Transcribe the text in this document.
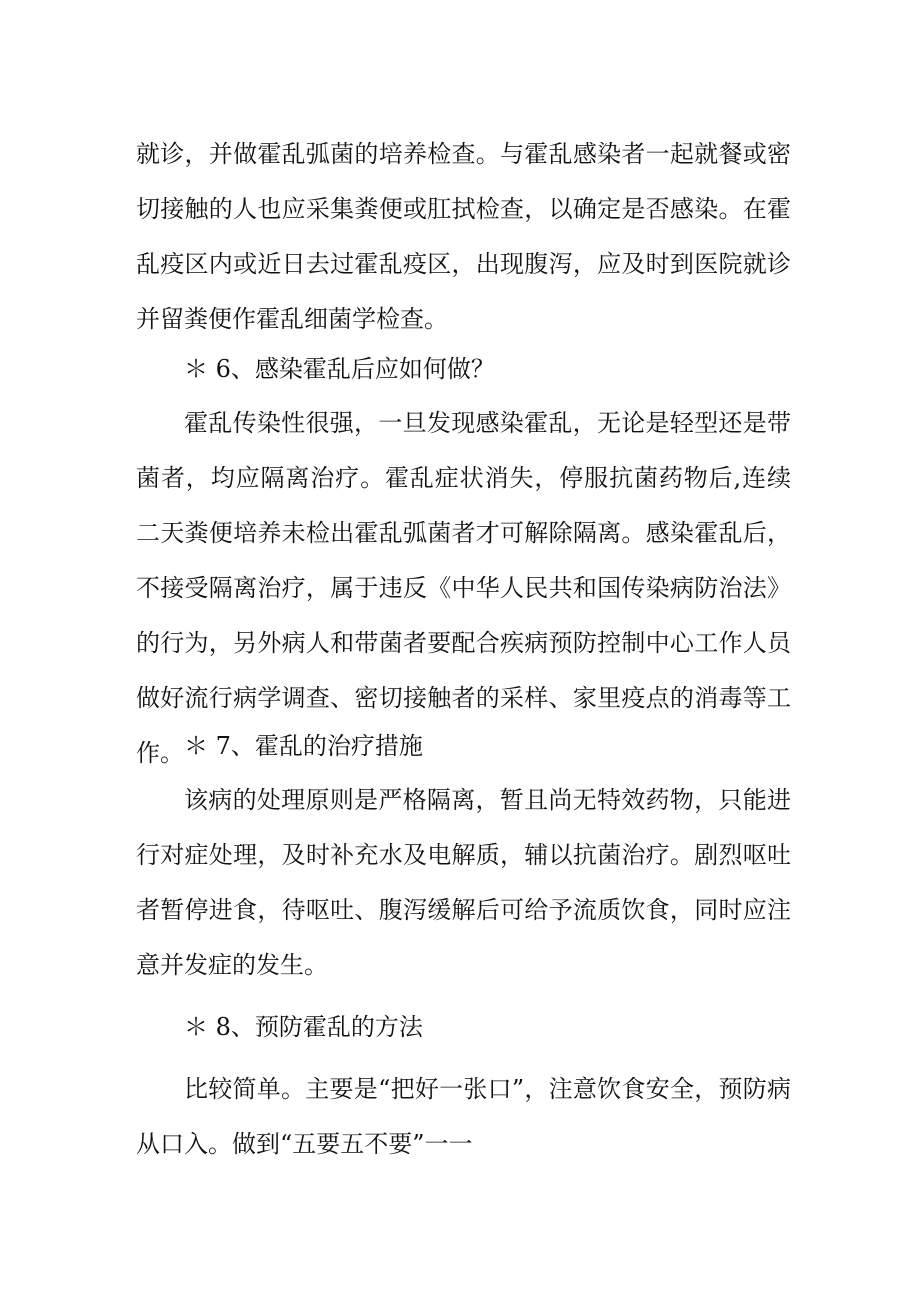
就诊，并做霍乱弧菌的培养检查。与霍乱感染者一起就餐或密切接触的人也应采集粪便或肛拭检查，以确定是否感染。在霍乱疫区内或近日去过霍乱疫区，出现腹泻，应及时到医院就诊并留粪便作霍乱细菌学检查。

＊ 6、感染霍乱后应如何做？

霍乱传染性很强，一旦发现感染霍乱，无论是轻型还是带菌者，均应隔离治疗。霍乱症状消失，停服抗菌药物后,连续二天粪便培养未检出霍乱弧菌者才可解除隔离。感染霍乱后，不接受隔离治疗，属于违反《中华人民共和国传染病防治法》的行为，另外病人和带菌者要配合疾病预防控制中心工作人员做好流行病学调查、密切接触者的采样、家里疫点的消毒等工作。 ＊ 7、霍乱的治疗措施

该病的处理原则是严格隔离，暂且尚无特效药物，只能进行对症处理，及时补充水及电解质，辅以抗菌治疗。剧烈呕吐者暂停进食，待呕吐、腹泻缓解后可给予流质饮食，同时应注意并发症的发生。

＊ 8、预防霍乱的方法

比较简单。主要是“把好一张口”，注意饮食安全，预防病从口入。做到“五要五不要”一一
